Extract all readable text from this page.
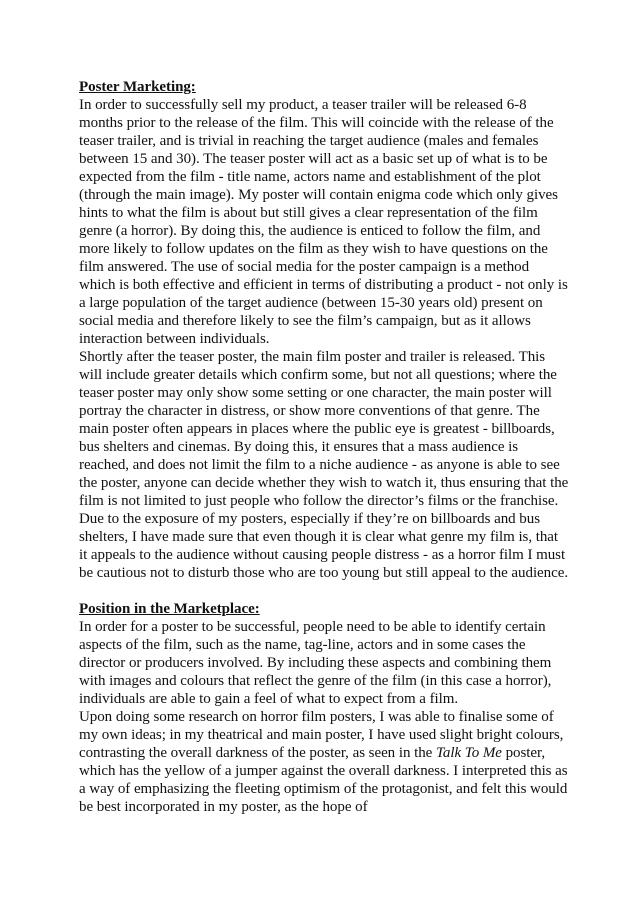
Poster Marketing:

In order to successfully sell my product, a teaser trailer will be released 6-8 months prior to the release of the film. This will coincide with the release of the teaser trailer, and is trivial in reaching the target audience (males and females between 15 and 30). The teaser poster will act as a basic set up of what is to be expected from the film - title name, actors name and establishment of the plot (through the main image). My poster will contain enigma code which only gives hints to what the film is about but still gives a clear representation of the film genre (a horror). By doing this, the audience is enticed to follow the film, and more likely to follow updates on the film as they wish to have questions on the film answered. The use of social media for the poster campaign is a method which is both effective and efficient in terms of distributing a product - not only is a large population of the target audience (between 15-30 years old) present on social media and therefore likely to see the film’s campaign, but as it allows interaction between individuals.

Shortly after the teaser poster, the main film poster and trailer is released. This will include greater details which confirm some, but not all questions; where the teaser poster may only show some setting or one character, the main poster will portray the character in distress, or show more conventions of that genre. The main poster often appears in places where the public eye is greatest - billboards, bus shelters and cinemas. By doing this, it ensures that a mass audience is reached, and does not limit the film to a niche audience - as anyone is able to see the poster, anyone can decide whether they wish to watch it, thus ensuring that the film is not limited to just people who follow the director’s films or the franchise.

Due to the exposure of my posters, especially if they’re on billboards and bus shelters, I have made sure that even though it is clear what genre my film is, that it appeals to the audience without causing people distress - as a horror film I must be cautious not to disturb those who are too young but still appeal to the audience.

Position in the Marketplace:

In order for a poster to be successful, people need to be able to identify certain aspects of the film, such as the name, tag-line, actors and in some cases the director or producers involved. By including these aspects and combining them with images and colours that reflect the genre of the film (in this case a horror), individuals are able to gain a feel of what to expect from a film.

Upon doing some research on horror film posters, I was able to finalise some of my own ideas; in my theatrical and main poster, I have used slight bright colours, contrasting the overall darkness of the poster, as seen in the Talk To Me poster, which has the yellow of a jumper against the overall darkness. I interpreted this as a way of emphasizing the fleeting optimism of the protagonist, and felt this would be best incorporated in my poster, as the hope of
